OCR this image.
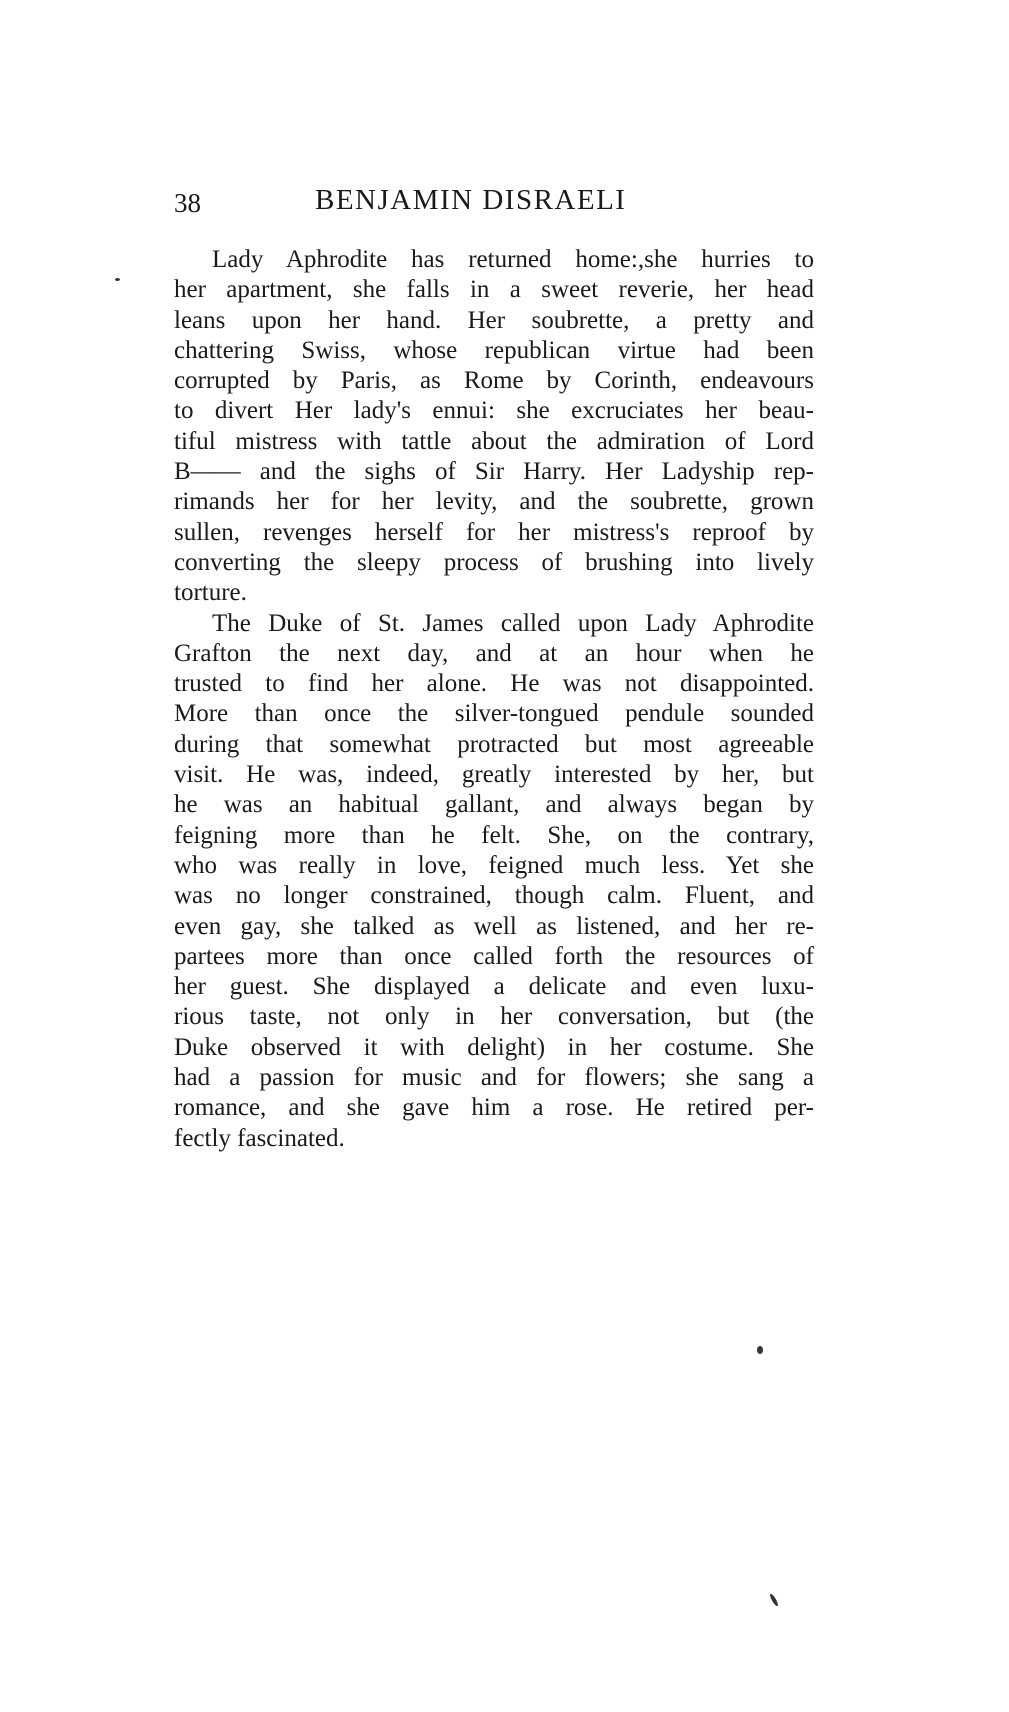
38	BENJAMIN DISRAELI
Lady Aphrodite has returned home:,she hurries to
her apartment, she falls in a sweet reverie, her head
leans upon her hand. Her soubrette, a pretty and
chattering Swiss, whose republican virtue had been
corrupted by Paris, as Rome by Corinth, endeavours
to divert Her lady's ennui: she excruciates her beau-
tiful mistress with tattle about the admiration of Lord
B—— and the sighs of Sir Harry. Her Ladyship rep-
rimands her for her levity, and the soubrette, grown
sullen, revenges herself for her mistress's reproof by
converting the sleepy process of brushing into lively
torture.
The Duke of St. James called upon Lady Aphrodite
Grafton the next day, and at an hour when he
trusted to find her alone. He was not disappointed.
More than once the silver-tongued pendule sounded
during that somewhat protracted but most agreeable
visit. He was, indeed, greatly interested by her, but
he was an habitual gallant, and always began by
feigning more than he felt. She, on the contrary,
who was really in love, feigned much less. Yet she
was no longer constrained, though calm. Fluent, and
even gay, she talked as well as listened, and her re-
partees more than once called forth the resources of
her guest. She displayed a delicate and even luxu-
rious taste, not only in her conversation, but (the
Duke observed it with delight) in her costume. She
had a passion for music and for flowers; she sang a
romance, and she gave him a rose. He retired per-
fectly fascinated.
